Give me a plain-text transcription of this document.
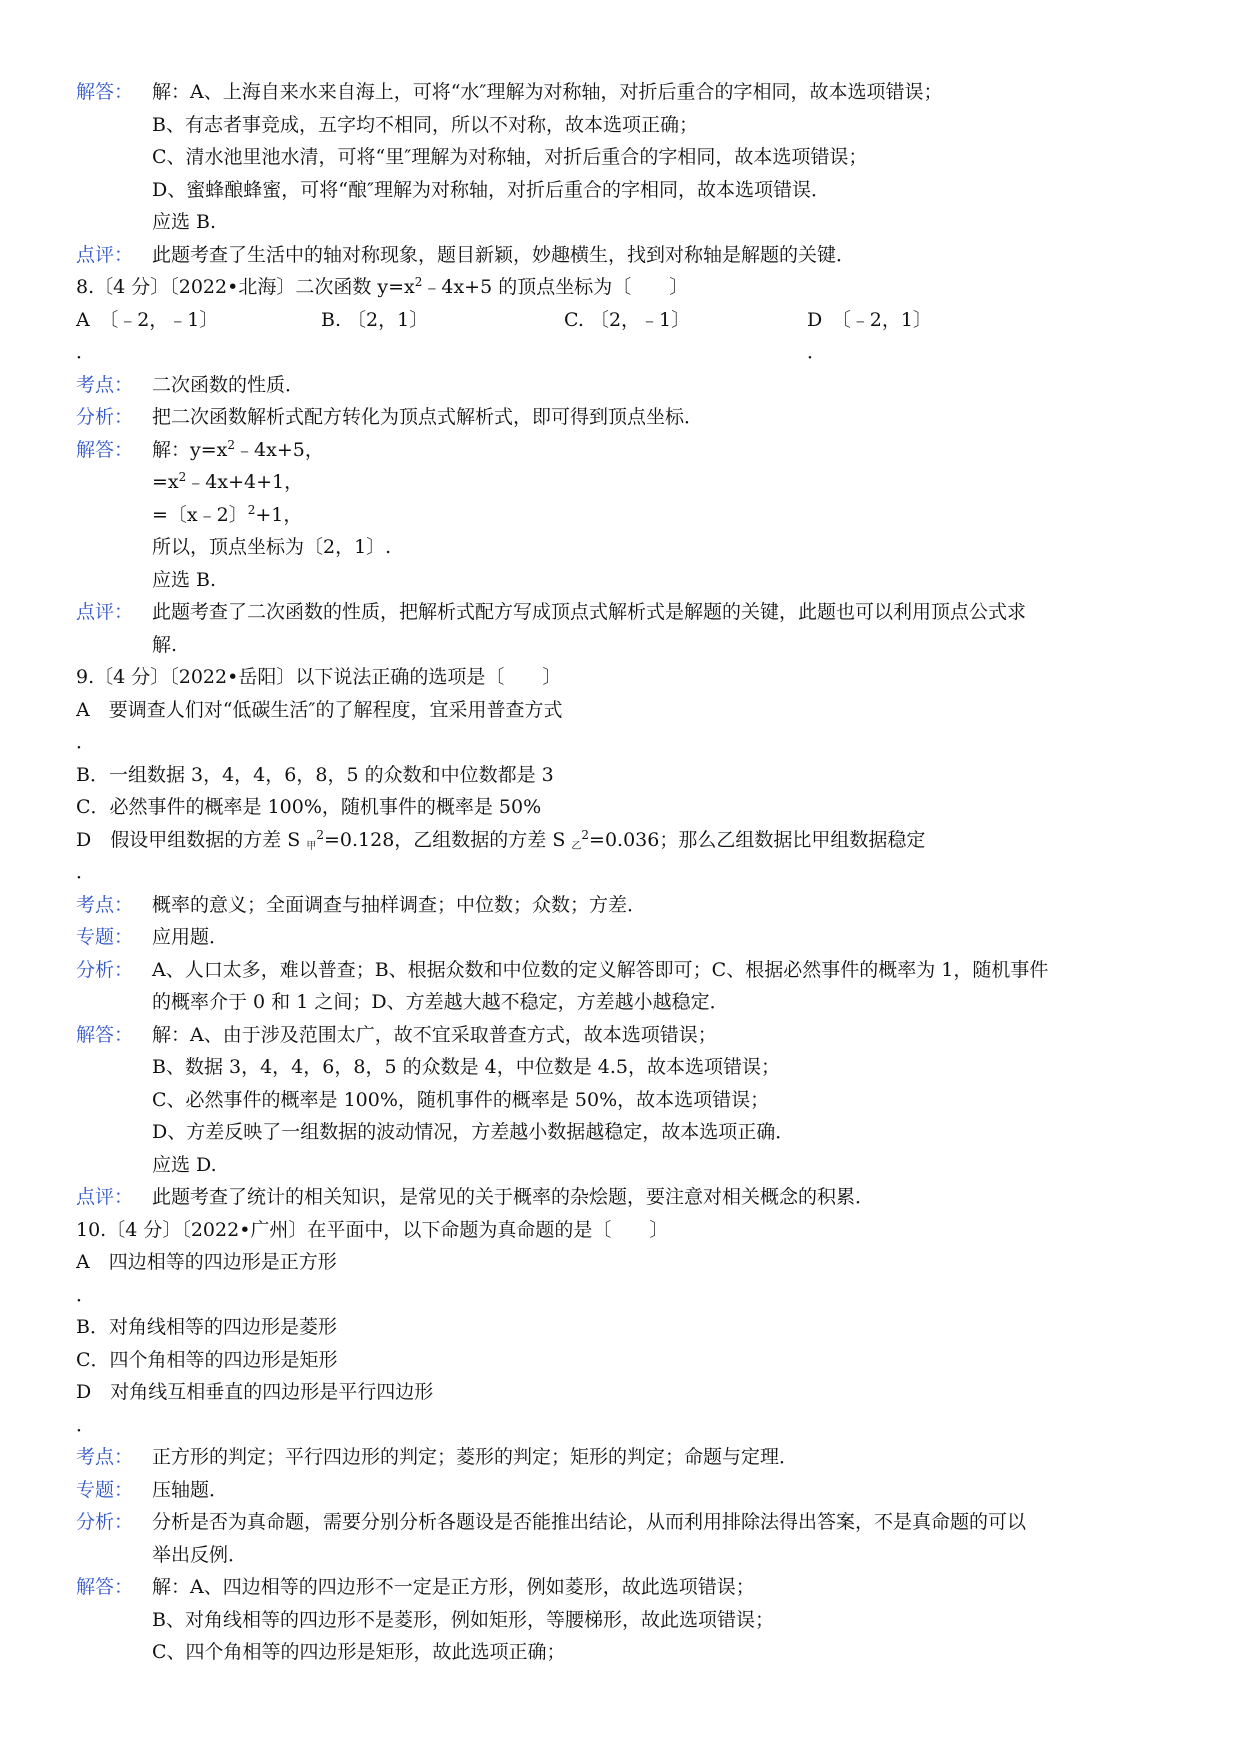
解答： 解：A、上海自来水来自海上，可将“水″理解为对称轴，对折后重合的字相同，故本选项错误；
B、有志者事竞成，五字均不相同，所以不对称，故本选项正确；
C、清水池里池水清，可将“里″理解为对称轴，对折后重合的字相同，故本选项错误；
D、蜜蜂酿蜂蜜，可将“酿″理解为对称轴，对折后重合的字相同，故本选项错误．
应选 B.
点评： 此题考查了生活中的轴对称现象，题目新颖，妙趣横生，找到对称轴是解题的关键．
8.〔4 分〕〔2022•北海〕二次函数 $y=x^2﹣4x+5$ 的顶点坐标为〔　　〕
A　〔﹣2，﹣1〕
．
B. 〔2，1〕	C. 〔2，﹣1〕	D　〔﹣2，1〕
．
考点： 二次函数的性质．
分析： 把二次函数解析式配方转化为顶点式解析式，即可得到顶点坐标．
解答： 解：$y=x^2﹣4x+5$，
$=x^2﹣4x+4+1$，
=〔x﹣2〕$^2$+1，
所以，顶点坐标为〔2，1〕.
应选 B.
点评： 此题考查了二次函数的性质，把解析式配方写成顶点式解析式是解题的关键，此题也可以利用顶点公式求
解.
9.〔4 分〕〔2022•岳阳〕以下说法正确的选项是〔　　〕
A　要调查人们对“低碳生活″的了解程度，宜采用普查方式
．
B．一组数据 3，4，4，6，8，5 的众数和中位数都是 3
C．必然事件的概率是 100%，随机事件的概率是 50%
D　假设甲组数据的方差 S $_甲^2$=0.128，乙组数据的方差 S $_乙^2$=0.036；那么乙组数据比甲组数据稳定
．
考点： 概率的意义；全面调查与抽样调查；中位数；众数；方差．
专题： 应用题．
分析： A、人口太多，难以普查；B、根据众数和中位数的定义解答即可；C、根据必然事件的概率为 1，随机事件
的概率介于 0 和 1 之间；D、方差越大越不稳定，方差越小越稳定．
解答： 解：A、由于涉及范围太广，故不宜采取普查方式，故本选项错误；
B、数据 3，4，4，6，8，5 的众数是 4，中位数是 4.5，故本选项错误；
C、必然事件的概率是 100%，随机事件的概率是 50%，故本选项错误；
D、方差反映了一组数据的波动情况，方差越小数据越稳定，故本选项正确．
应选 D.
点评： 此题考查了统计的相关知识，是常见的关于概率的杂烩题，要注意对相关概念的积累．
10.〔4 分〕〔2022•广州〕在平面中，以下命题为真命题的是〔　　〕
A　四边相等的四边形是正方形
．
B．对角线相等的四边形是菱形
C．四个角相等的四边形是矩形
D　对角线互相垂直的四边形是平行四边形
．
考点： 正方形的判定；平行四边形的判定；菱形的判定；矩形的判定；命题与定理．
专题： 压轴题．
分析： 分析是否为真命题，需要分别分析各题设是否能推出结论，从而利用排除法得出答案，不是真命题的可以
举出反例．
解答： 解：A、四边相等的四边形不一定是正方形，例如菱形，故此选项错误；
B、对角线相等的四边形不是菱形，例如矩形，等腰梯形，故此选项错误；
C、四个角相等的四边形是矩形，故此选项正确；
